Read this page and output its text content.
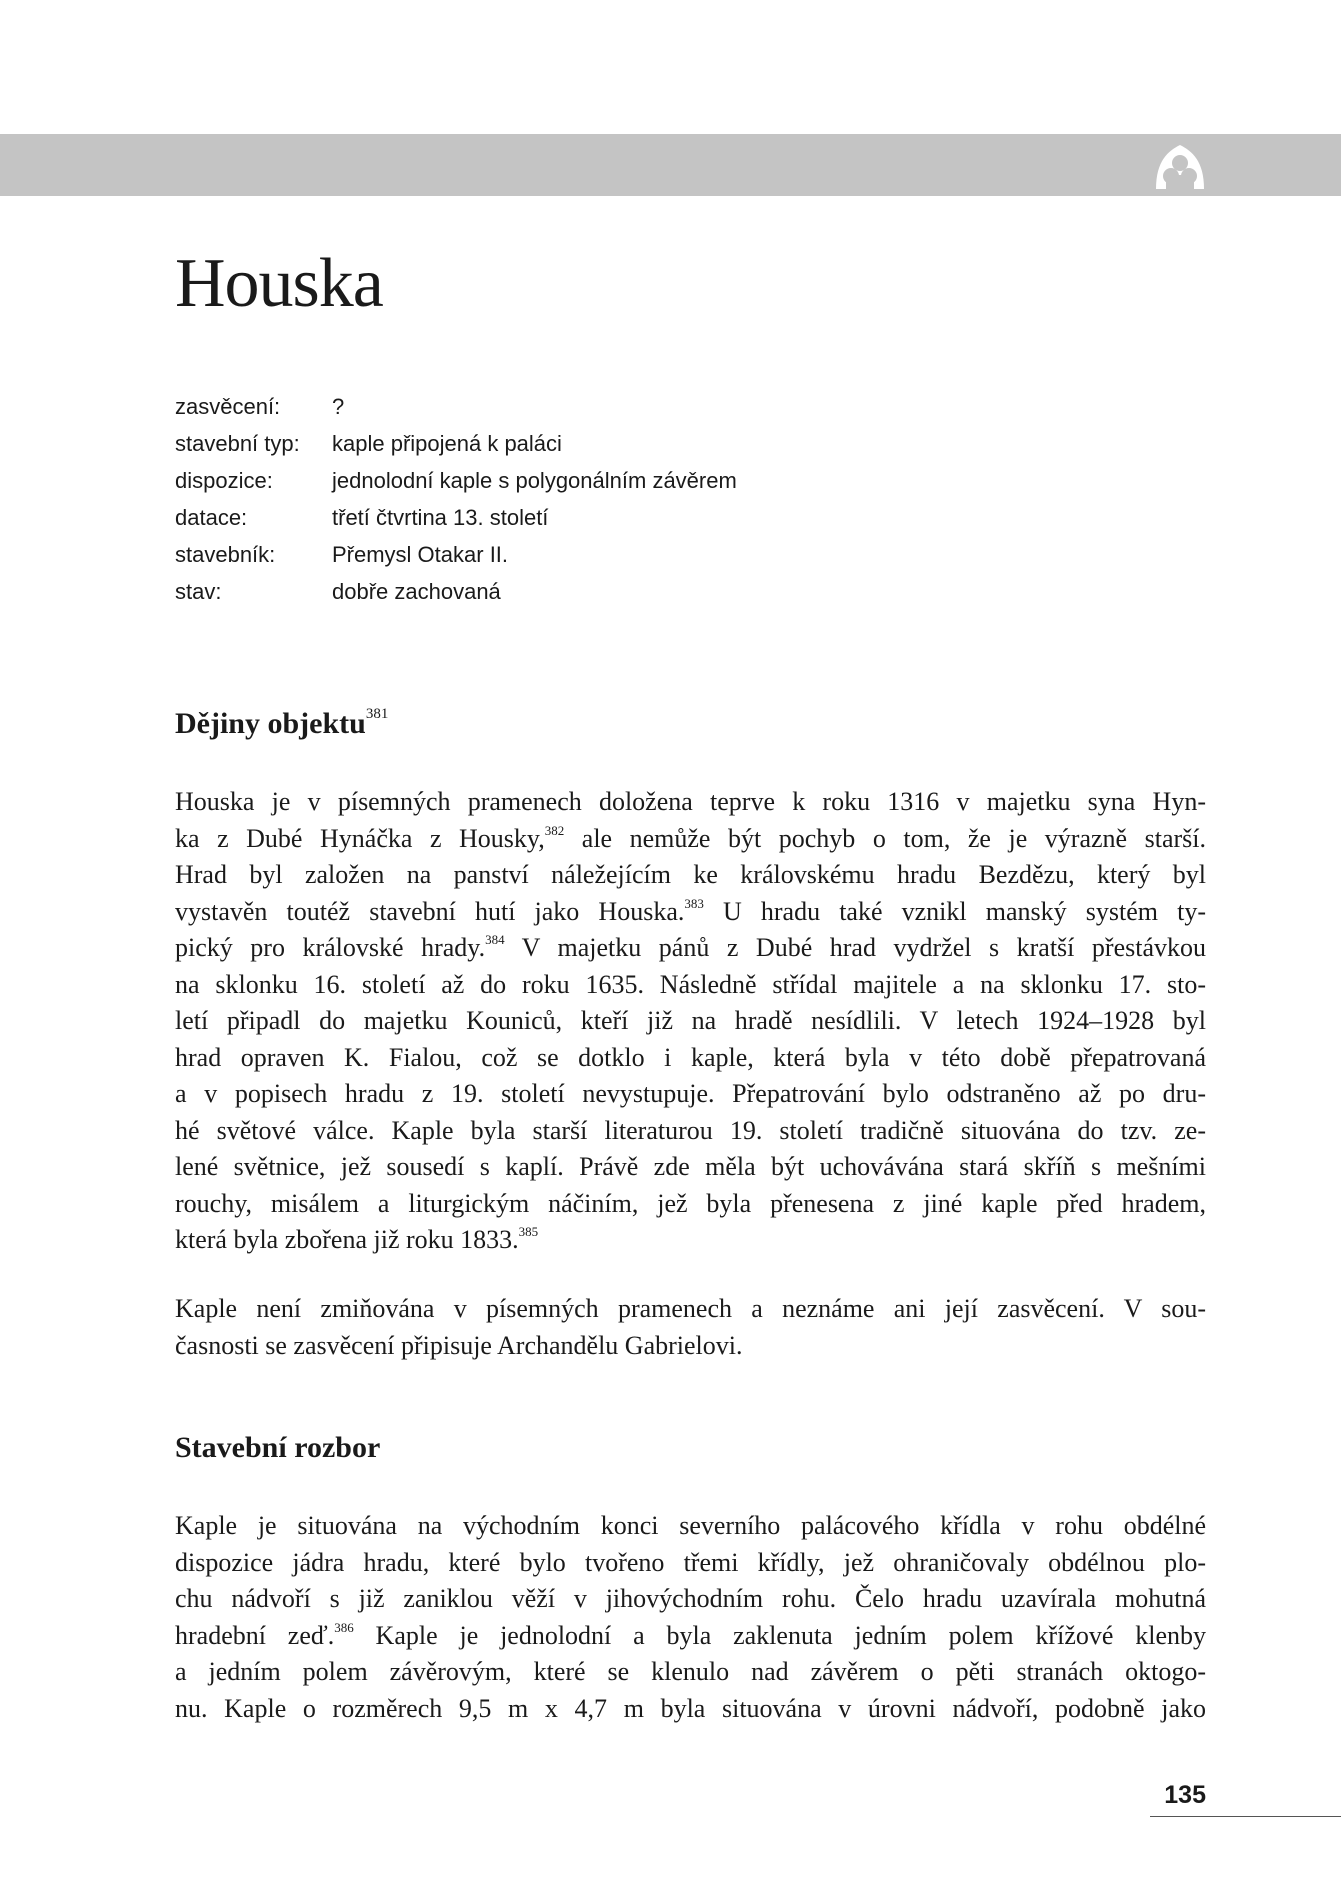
Houska
zasvěcení:	?
stavební typ:	kaple připojená k paláci
dispozice:	jednolodní kaple s polygonálním závěrem
datace:	třetí čtvrtina 13. století
stavebník:	Přemysl Otakar II.
stav:	dobře zachovaná
Dějiny objektu$^{381}$
Houska je v písemných pramenech doložena teprve k roku 1316 v majetku syna Hyn-
ka z Dubé Hynáčka z Housky,$^{382}$ ale nemůže být pochyb o tom, že je výrazně starší.
Hrad byl založen na panství náležejícím ke královskému hradu Bezdězu, který byl
vystavěn toutéž stavební hutí jako Houska.$^{383}$ U hradu také vznikl manský systém ty-
pický pro královské hrady.$^{384}$ V majetku pánů z Dubé hrad vydržel s kratší přestávkou
na sklonku 16. století až do roku 1635. Následně střídal majitele a na sklonku 17. sto-
letí připadl do majetku Kouniců, kteří již na hradě nesídlili. V letech 1924–1928 byl
hrad opraven K. Fialou, což se dotklo i kaple, která byla v této době přepatrovaná
a v popisech hradu z 19. století nevystupuje. Přepatrování bylo odstraněno až po dru-
hé světové válce. Kaple byla starší literaturou 19. století tradičně situována do tzv. ze-
lené světnice, jež sousedí s kaplí. Právě zde měla být uchovávána stará skříň s mešními
rouchy, misálem a liturgickým náčiním, jež byla přenesena z jiné kaple před hradem,
která byla zbořena již roku 1833.$^{385}$
Kaple není zmiňována v písemných pramenech a neznáme ani její zasvěcení. V sou-
časnosti se zasvěcení připisuje Archandělu Gabrielovi.
Stavební rozbor
Kaple je situována na východním konci severního palácového křídla v rohu obdélné
dispozice jádra hradu, které bylo tvořeno třemi křídly, jež ohraničovaly obdélnou plo-
chu nádvoří s již zaniklou věží v jihovýchodním rohu. Čelo hradu uzavírala mohutná
hradební zeď.$^{386}$ Kaple je jednolodní a byla zaklenuta jedním polem křížové klenby
a jedním polem závěrovým, které se klenulo nad závěrem o pěti stranách oktogo-
nu. Kaple o rozměrech 9,5 m x 4,7 m byla situována v úrovni nádvoří, podobně jako
135
